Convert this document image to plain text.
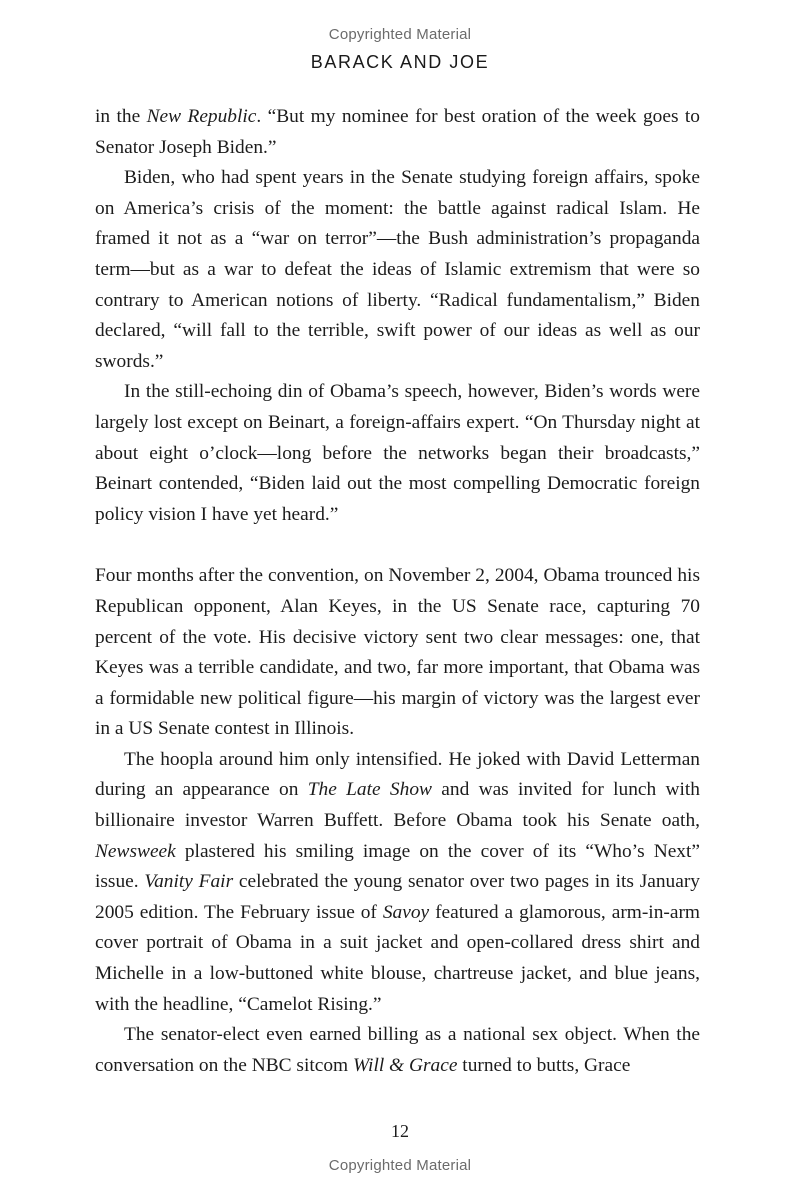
Copyrighted Material
BARACK AND JOE

in the New Republic. “But my nominee for best oration of the week goes to Senator Joseph Biden.”

Biden, who had spent years in the Senate studying foreign affairs, spoke on America’s crisis of the moment: the battle against radical Islam. He framed it not as a “war on terror”—the Bush administration’s propaganda term—but as a war to defeat the ideas of Islamic extremism that were so contrary to American notions of liberty. “Radical fundamentalism,” Biden declared, “will fall to the terrible, swift power of our ideas as well as our swords.”

In the still-echoing din of Obama’s speech, however, Biden’s words were largely lost except on Beinart, a foreign-affairs expert. “On Thursday night at about eight o’clock—long before the networks began their broadcasts,” Beinart contended, “Biden laid out the most compelling Democratic foreign policy vision I have yet heard.”

Four months after the convention, on November 2, 2004, Obama trounced his Republican opponent, Alan Keyes, in the US Senate race, capturing 70 percent of the vote. His decisive victory sent two clear messages: one, that Keyes was a terrible candidate, and two, far more important, that Obama was a formidable new political figure—his margin of victory was the largest ever in a US Senate contest in Illinois.

The hoopla around him only intensified. He joked with David Letterman during an appearance on The Late Show and was invited for lunch with billionaire investor Warren Buffett. Before Obama took his Senate oath, Newsweek plastered his smiling image on the cover of its “Who’s Next” issue. Vanity Fair celebrated the young senator over two pages in its January 2005 edition. The February issue of Savoy featured a glamorous, arm-in-arm cover portrait of Obama in a suit jacket and open-collared dress shirt and Michelle in a low-buttoned white blouse, chartreuse jacket, and blue jeans, with the headline, “Camelot Rising.”

The senator-elect even earned billing as a national sex object. When the conversation on the NBC sitcom Will & Grace turned to butts, Grace

12
Copyrighted Material
